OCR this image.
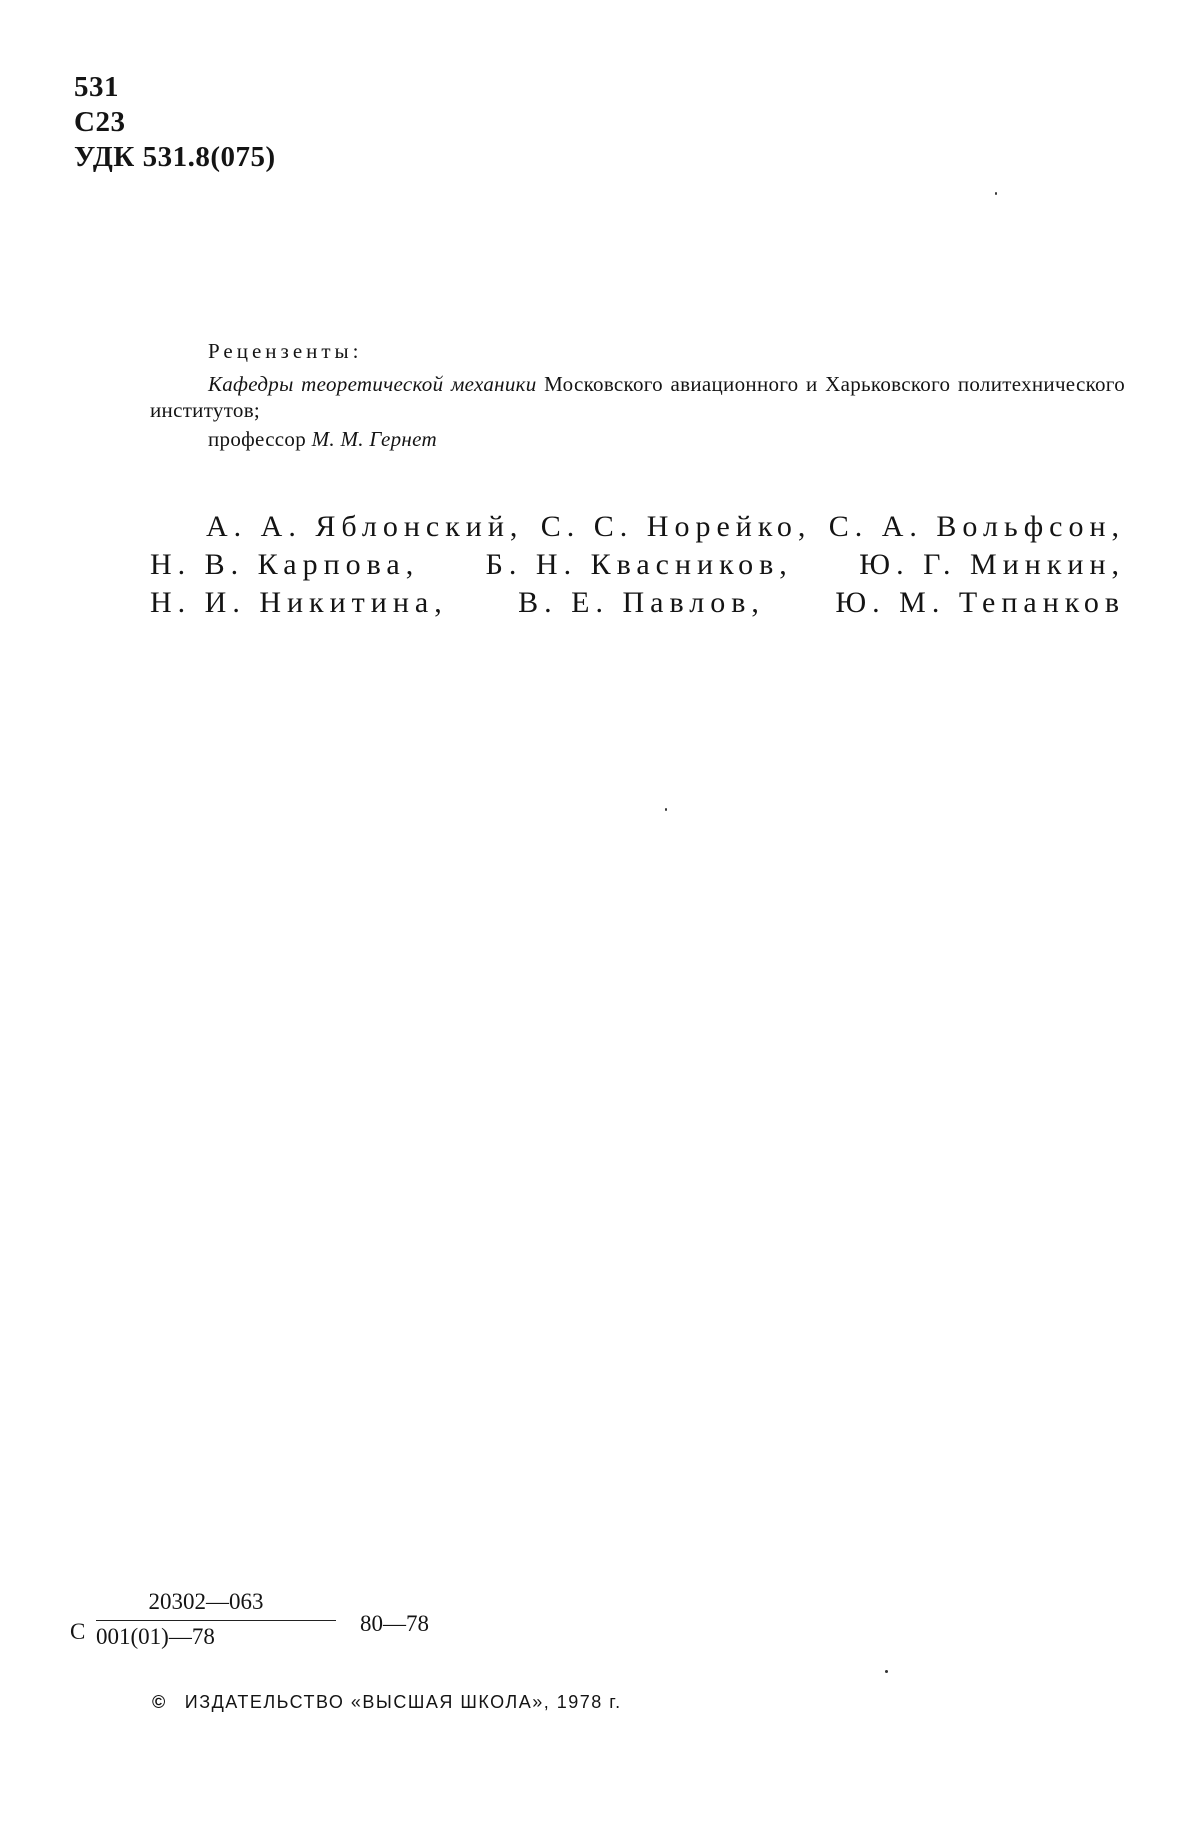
531
С23
УДК 531.8(075)
Рецензенты:
Кафедры теоретической механики Московского авиационного и Харьковского политехнического институтов;
профессор М. М. Гернет
А. А. Яблонский, С. С. Норейко, С. А. Вольфсон,
Н. В. Карпова, Б. Н. Квасников, Ю. Г. Минкин,
Н. И. Никитина, В. Е. Павлов, Ю. М. Тепанков
С
20302—063
001(01)—78
80—78
© ИЗДАТЕЛЬСТВО «ВЫСШАЯ ШКОЛА», 1978 г.
